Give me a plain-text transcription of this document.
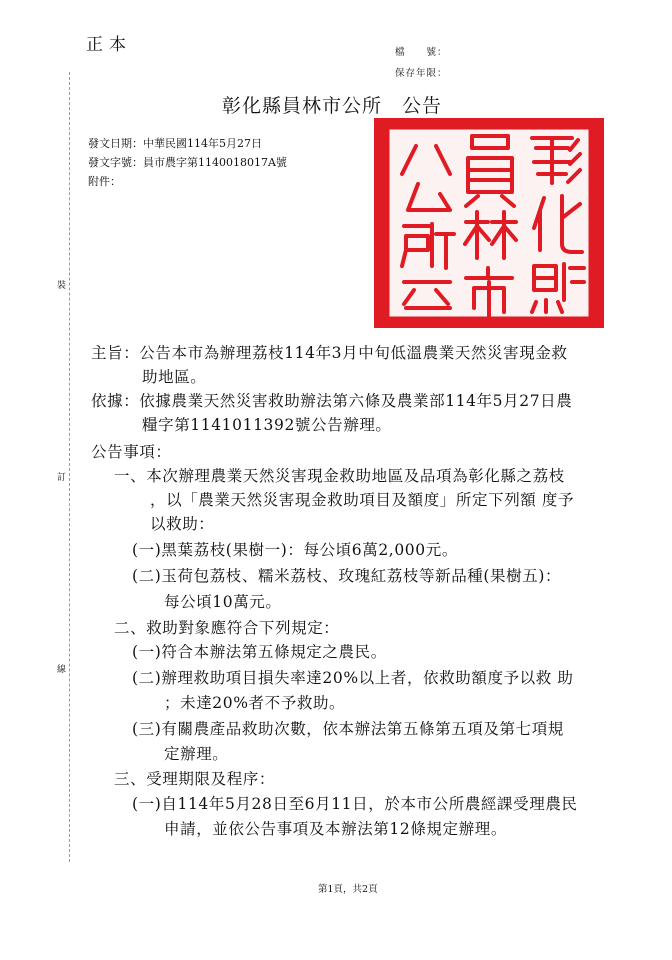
正本	檔　　號：
保存年限：

彰化縣員林市公所　公告
發文日期：中華民國114年5月27日
發文字號：員市農字第1140018017A號
附件：
裝
訂
線

主旨：公告本市為辦理荔枝114年3月中旬低溫農業天然災害現金救
助地區。
依據：依據農業天然災害救助辦法第六條及農業部114年5月27日農
糧字第1141011392號公告辦理。
公告事項：
一、本次辦理農業天然災害現金救助地區及品項為彰化縣之荔枝
，以「農業天然災害現金救助項目及額度」所定下列額 度予
以救助：
(一)黑葉荔枝(果樹一)：每公頃6萬2,000元。
(二)玉荷包荔枝、糯米荔枝、玫瑰紅荔枝等新品種(果樹五)：
每公頃10萬元。
二、救助對象應符合下列規定：
(一)符合本辦法第五條規定之農民。
(二)辦理救助項目損失率達20%以上者，依救助額度予以救 助
；未達20%者不予救助。
(三)有關農產品救助次數，依本辦法第五條第五項及第七項規
定辦理。
三、受理期限及程序：
(一)自114年5月28日至6月11日，於本市公所農經課受理農民
申請，並依公告事項及本辦法第12條規定辦理。
第1頁，共2頁
